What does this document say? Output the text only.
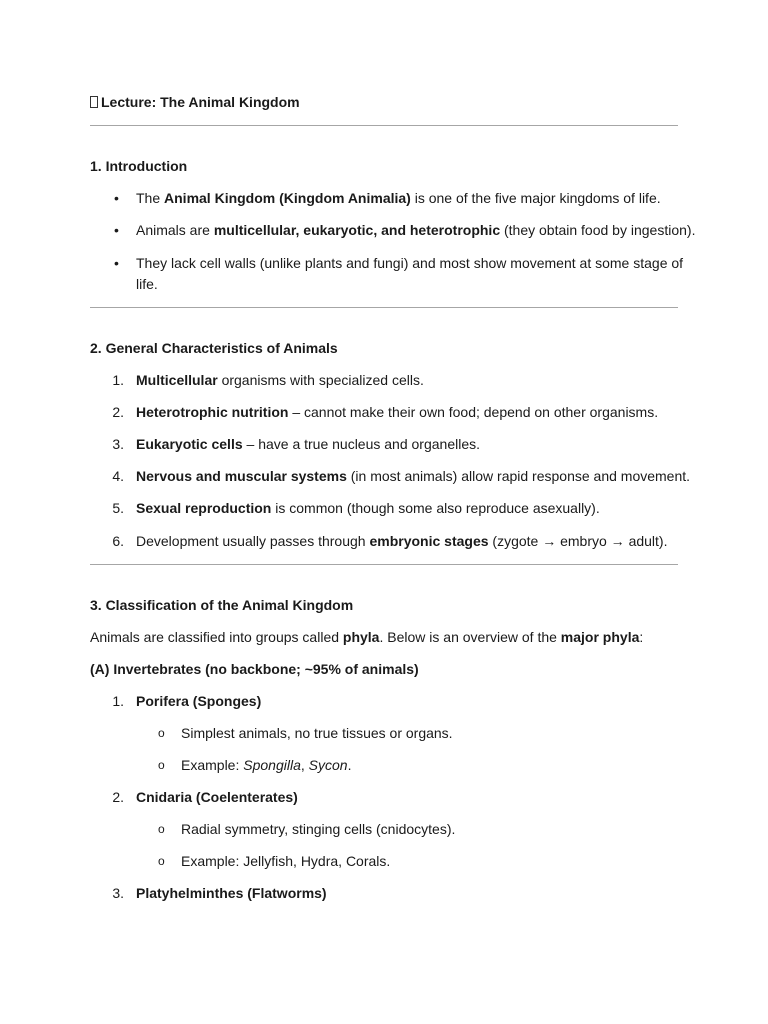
Lecture: The Animal Kingdom
1. Introduction
• The Animal Kingdom (Kingdom Animalia) is one of the five major kingdoms of life.
• Animals are multicellular, eukaryotic, and heterotrophic (they obtain food by ingestion).
• They lack cell walls (unlike plants and fungi) and most show movement at some stage of
life.
2. General Characteristics of Animals
1. Multicellular organisms with specialized cells.
2. Heterotrophic nutrition – cannot make their own food; depend on other organisms.
3. Eukaryotic cells – have a true nucleus and organelles.
4. Nervous and muscular systems (in most animals) allow rapid response and movement.
5. Sexual reproduction is common (though some also reproduce asexually).
6. Development usually passes through embryonic stages (zygote → embryo → adult).
3. Classification of the Animal Kingdom
Animals are classified into groups called phyla. Below is an overview of the major phyla:
(A) Invertebrates (no backbone; ~95% of animals)
1. Porifera (Sponges)
o Simplest animals, no true tissues or organs.
o Example: Spongilla, Sycon.
2. Cnidaria (Coelenterates)
o Radial symmetry, stinging cells (cnidocytes).
o Example: Jellyfish, Hydra, Corals.
3. Platyhelminthes (Flatworms)
